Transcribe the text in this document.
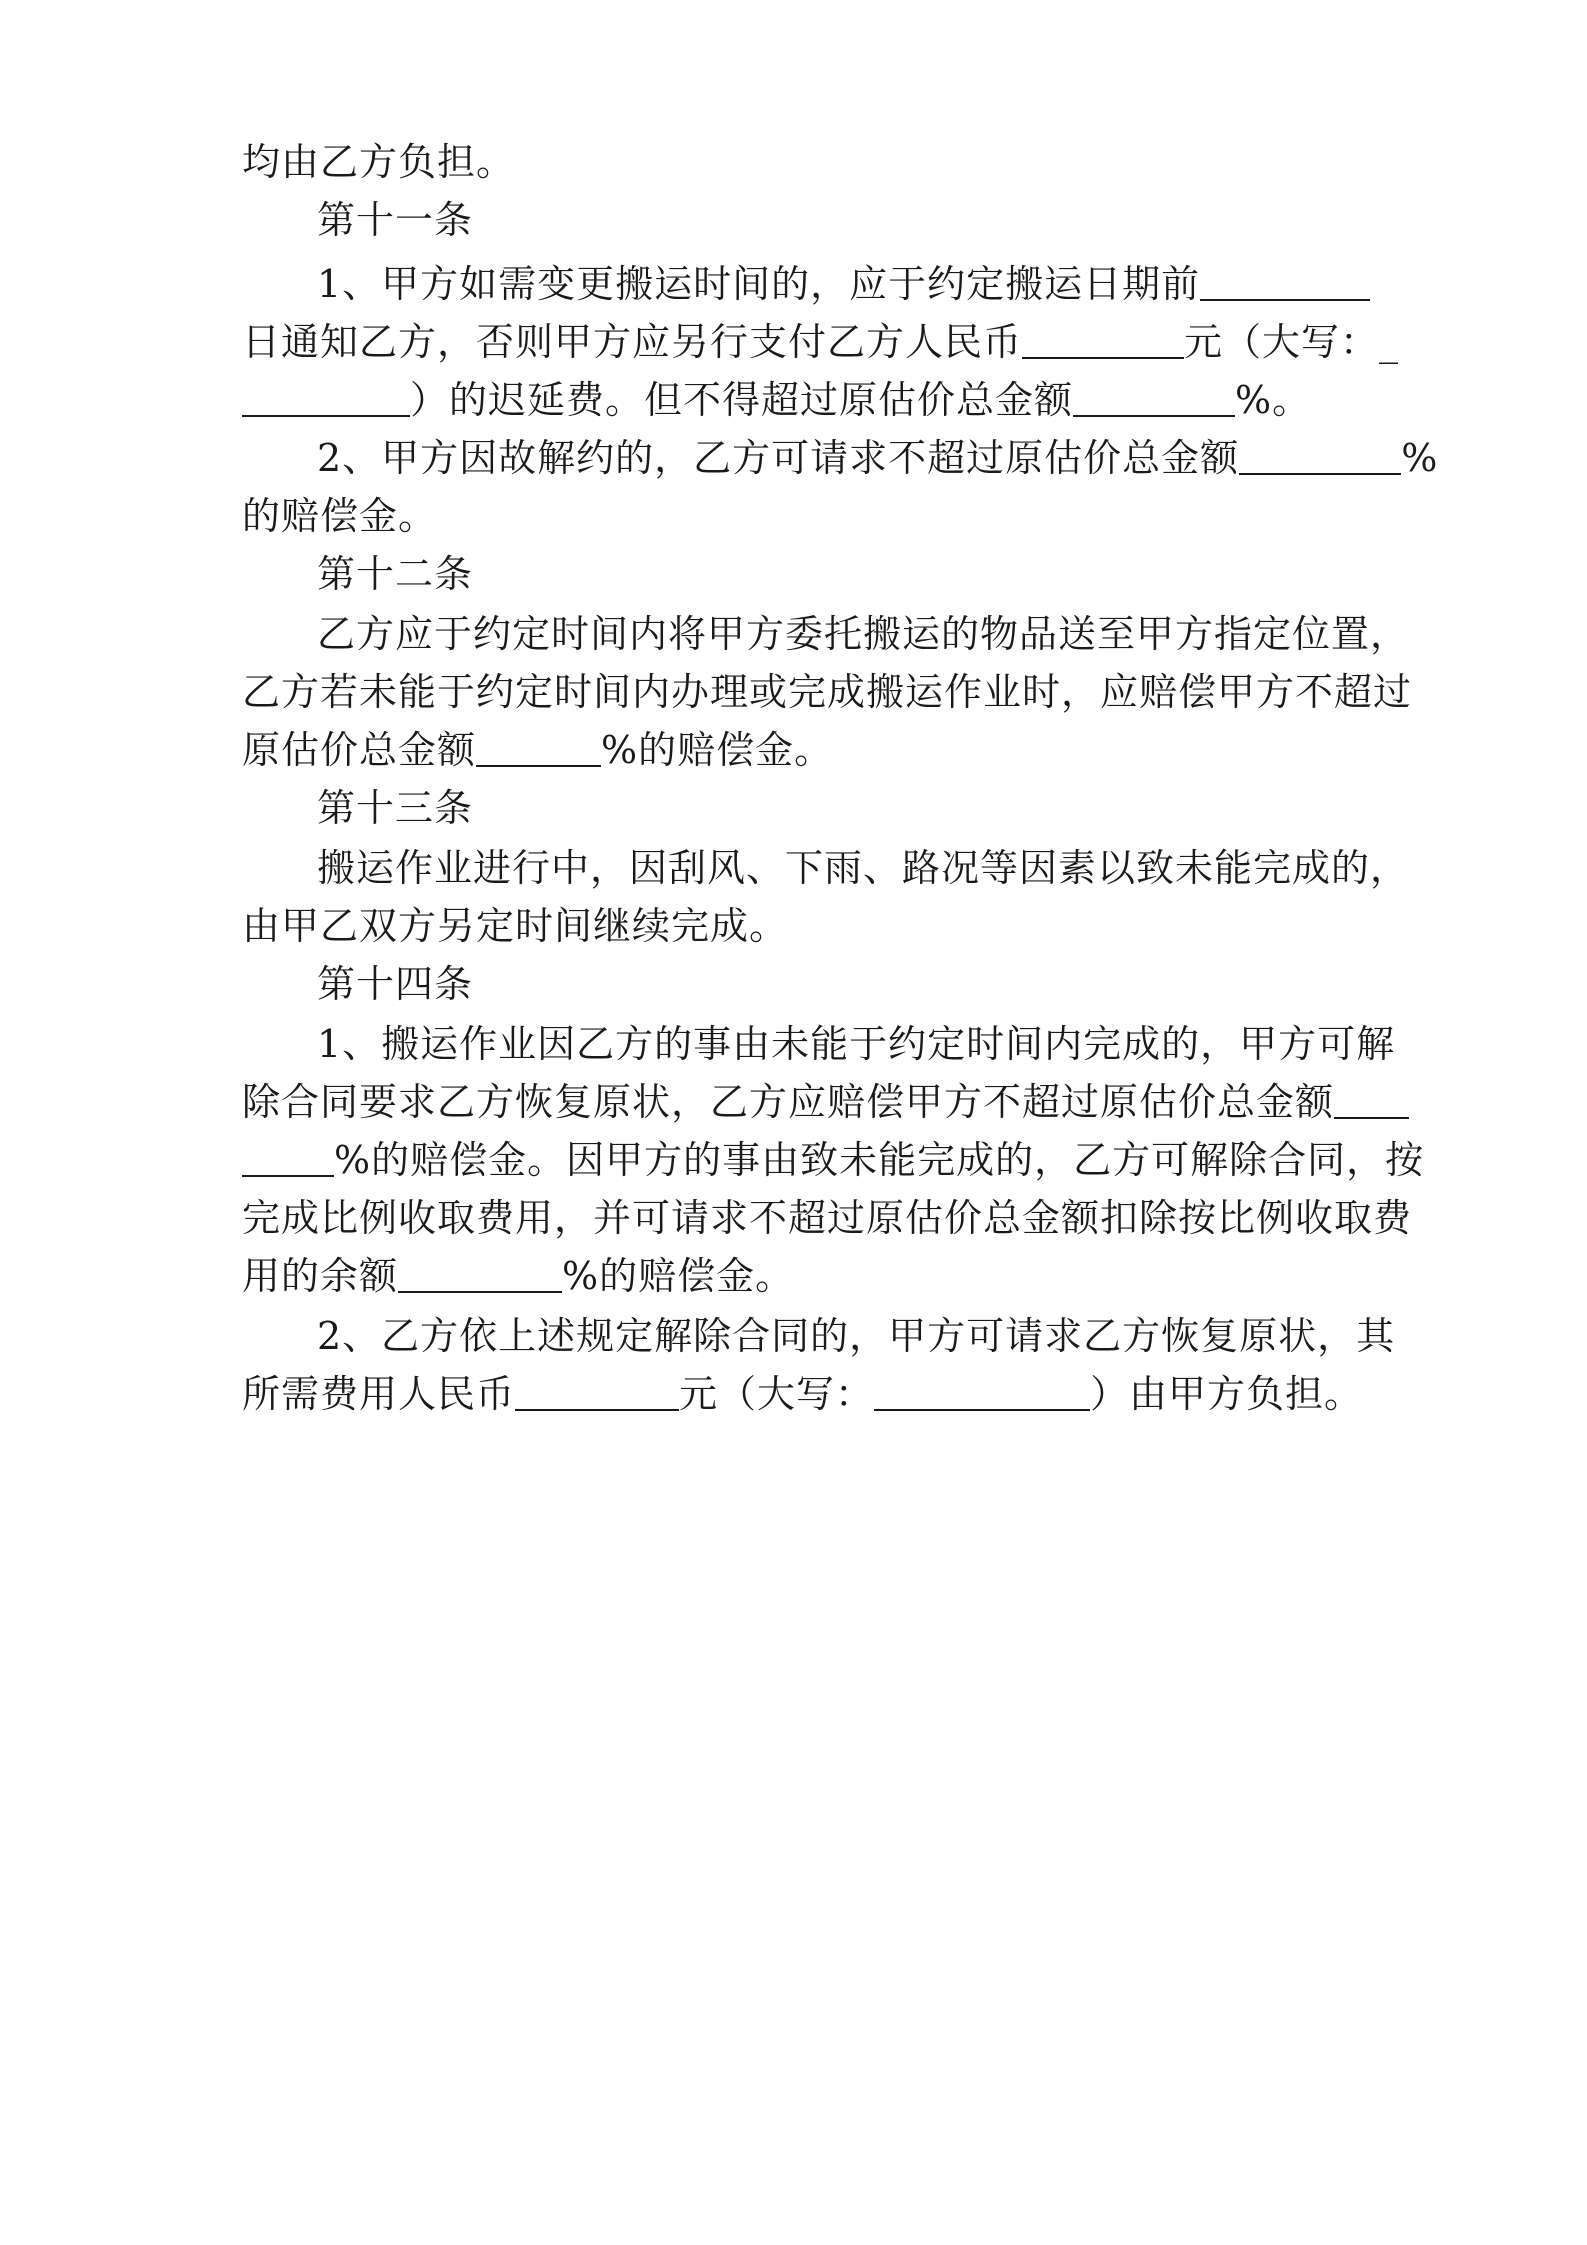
均由乙方负担。
第十一条
1、甲方如需变更搬运时间的，应于约定搬运日期前
日通知乙方，否则甲方应另行支付乙方人民币	元（大写：_
）的迟延费。但不得超过原估价总金额	%。
2、甲方因故解约的，乙方可请求不超过原估价总金额	%
的赔偿金。
第十二条
乙方应于约定时间内将甲方委托搬运的物品送至甲方指定位置，
乙方若未能于约定时间内办理或完成搬运作业时，应赔偿甲方不超过
原估价总金额	%的赔偿金。
第十三条
搬运作业进行中，因刮风、下雨、路况等因素以致未能完成的，
由甲乙双方另定时间继续完成。
第十四条
1、搬运作业因乙方的事由未能于约定时间内完成的，甲方可解
除合同要求乙方恢复原状，乙方应赔偿甲方不超过原估价总金额
%的赔偿金。因甲方的事由致未能完成的，乙方可解除合同，按
完成比例收取费用，并可请求不超过原估价总金额扣除按比例收取费
用的余额	%的赔偿金。
2、乙方依上述规定解除合同的，甲方可请求乙方恢复原状，其
所需费用人民币	元（大写：	）由甲方负担。
